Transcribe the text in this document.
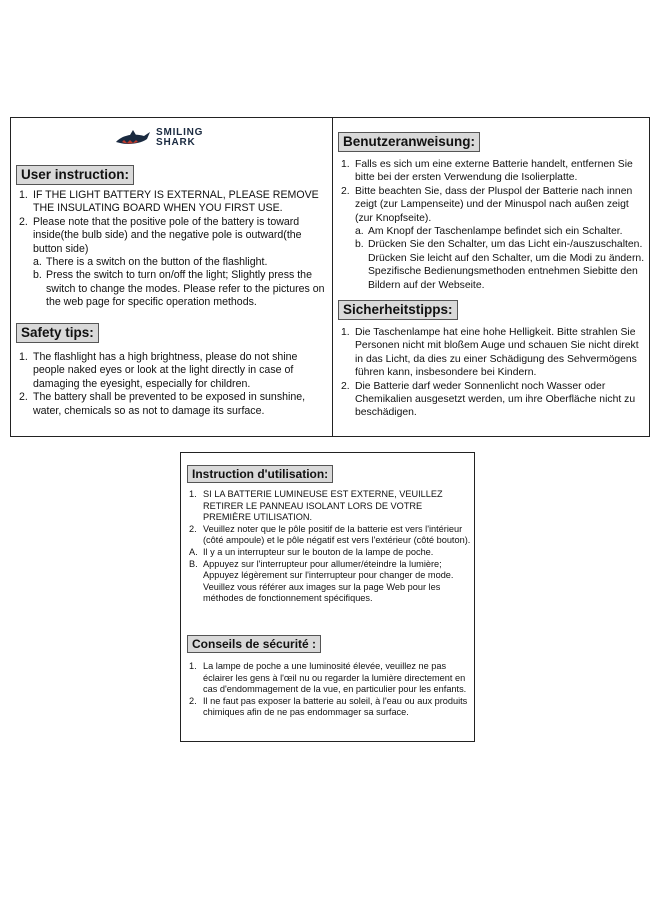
SMILING
SHARK
User instruction:
1. IF THE LIGHT BATTERY IS EXTERNAL, PLEASE REMOVE THE INSULATING BOARD WHEN YOU FIRST USE.
2. Please note that the positive pole of the battery is toward inside(the bulb side) and the negative pole is outward(the button side)
a. There is a switch on the button of the flashlight.
b. Press the switch to turn on/off the light; Slightly press the switch to change the modes. Please refer to the pictures on the web page for specific operation methods.
Safety tips:
1. The flashlight has a high brightness, please do not shine people naked eyes or look at the light directly in case of damaging the eyesight, especially for children.
2. The battery shall be prevented to be exposed in sunshine, water, chemicals so as not to damage its surface.
Benutzeranweisung:
1. Falls es sich um eine externe Batterie handelt, entfernen Sie bitte bei der ersten Verwendung die Isolierplatte.
2. Bitte beachten Sie, dass der Pluspol der Batterie nach innen zeigt (zur Lampenseite) und der Minuspol nach außen zeigt (zur Knopfseite).
a. Am Knopf der Taschenlampe befindet sich ein Schalter.
b. Drücken Sie den Schalter, um das Licht ein-/auszuschalten. Drücken Sie leicht auf den Schalter, um die Modi zu ändern. Spezifische Bedienungsmethoden entnehmen Siebitte den Bildern auf der Webseite.
Sicherheitstipps:
1. Die Taschenlampe hat eine hohe Helligkeit. Bitte strahlen Sie Personen nicht mit bloßem Auge und schauen Sie nicht direkt in das Licht, da dies zu einer Schädigung des Sehvermögens führen kann, insbesondere bei Kindern.
2. Die Batterie darf weder Sonnenlicht noch Wasser oder Chemikalien ausgesetzt werden, um ihre Oberfläche nicht zu beschädigen.
Instruction d'utilisation:
1. SI LA BATTERIE LUMINEUSE EST EXTERNE, VEUILLEZ RETIRER LE PANNEAU ISOLANT LORS DE VOTRE PREMIÈRE UTILISATION.
2. Veuillez noter que le pôle positif de la batterie est vers l'intérieur (côté ampoule) et le pôle négatif est vers l'extérieur (côté bouton).
A. Il y a un interrupteur sur le bouton de la lampe de poche.
B. Appuyez sur l'interrupteur pour allumer/éteindre la lumière; Appuyez légèrement sur l'interrupteur pour changer de mode. Veuillez vous référer aux images sur la page Web pour les méthodes de fonctionnement spécifiques.
Conseils de sécurité :
1. La lampe de poche a une luminosité élevée, veuillez ne pas éclairer les gens à l'œil nu ou regarder la lumière directement en cas d'endommagement de la vue, en particulier pour les enfants.
2. Il ne faut pas exposer la batterie au soleil, à l'eau ou aux produits chimiques afin de ne pas endommager sa surface.
